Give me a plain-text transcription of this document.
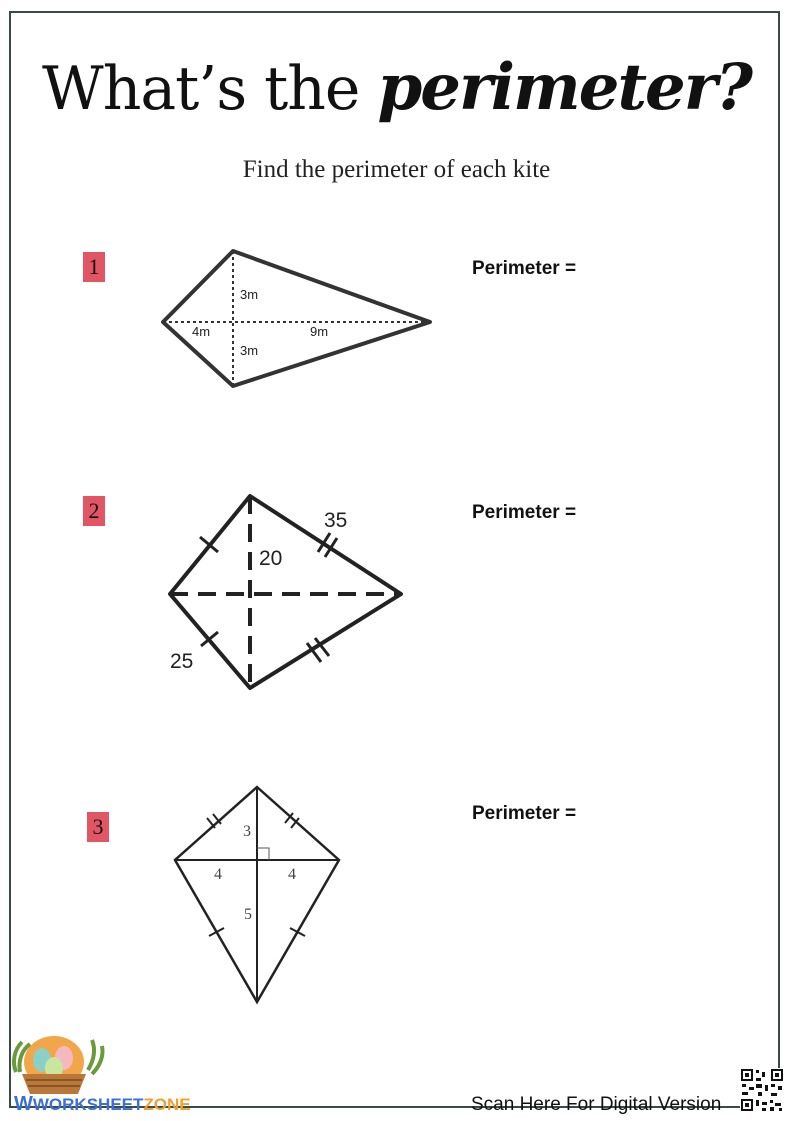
What’s the perimeter?
Find the perimeter of each kite
1	Perimeter =
3m
3m
4m	9m
2	Perimeter =
35
20
25
3
Perimeter =
3
4	4
5
WWORKSHEETZONE	Scan Here For Digital Version
